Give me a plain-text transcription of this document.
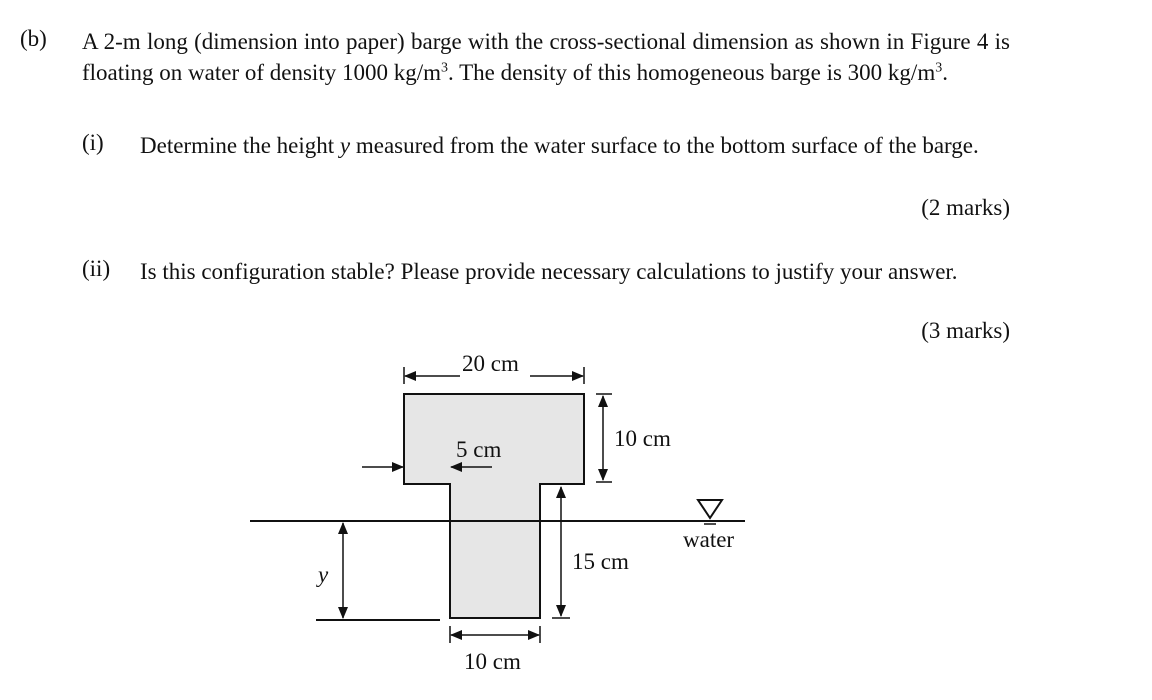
(b) A 2-m long (dimension into paper) barge with the cross-sectional dimension as shown in Figure 4 is floating on water of density 1000 $kg/m^3$. The density of this homogeneous barge is 300 $kg/m^3$.
(i) Determine the height y measured from the water surface to the bottom surface of the barge.
(2 marks)
(ii) Is this configuration stable? Please provide necessary calculations to justify your answer.
(3 marks)
20 cm
10 cm
5 cm
15 cm
y
10 cm
water
